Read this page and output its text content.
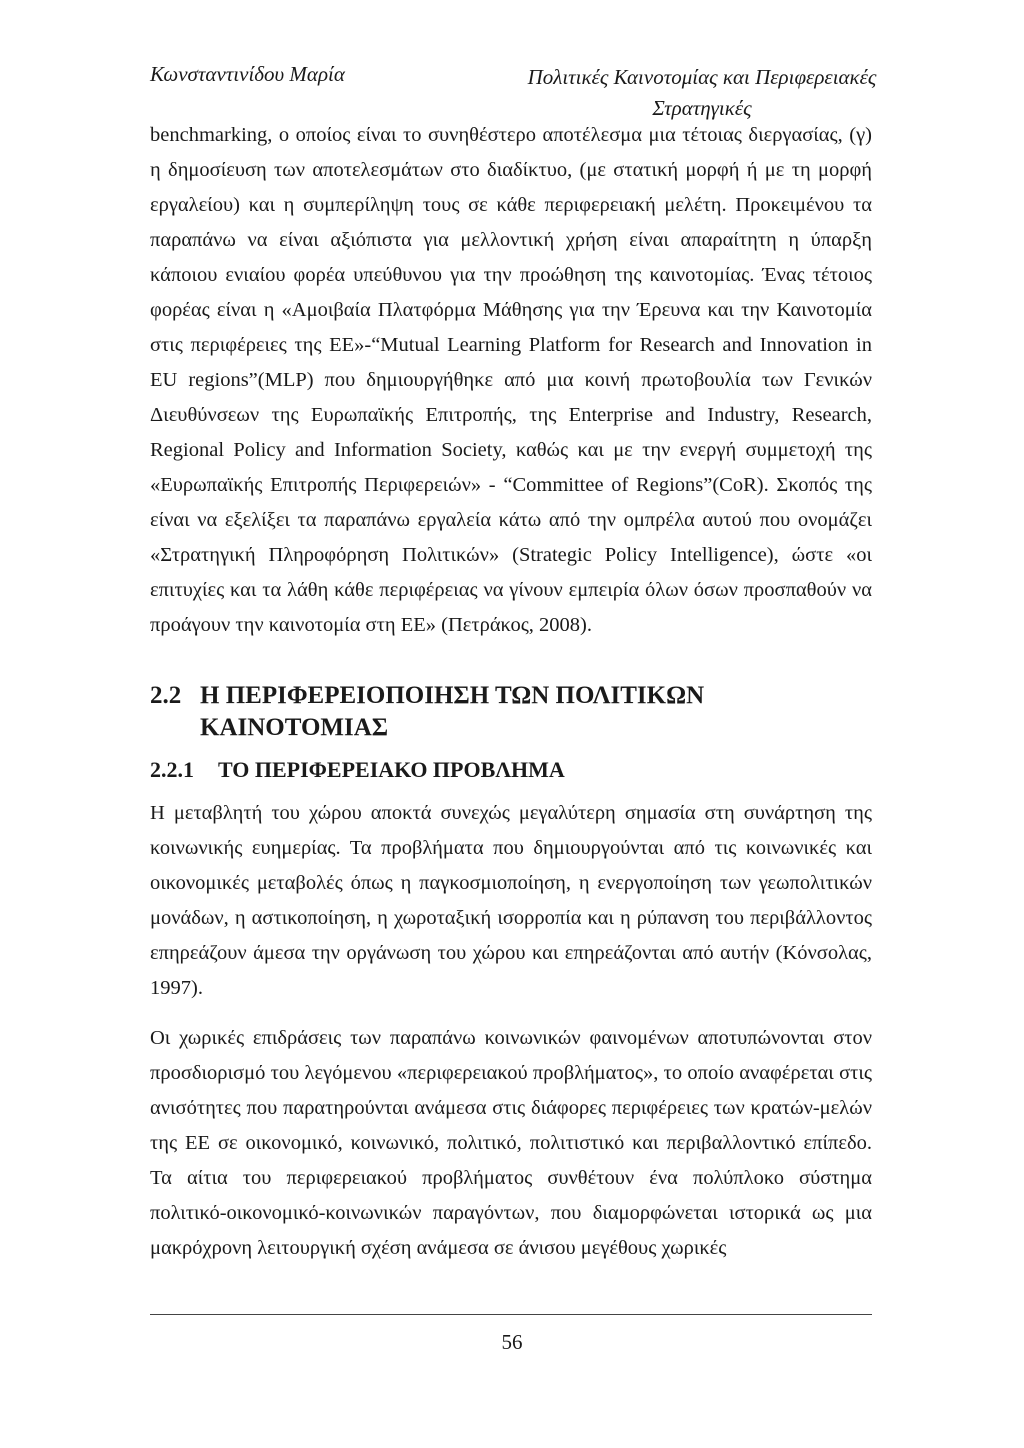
Κωνσταντινίδου Μαρία	Πολιτικές Καινοτομίας και Περιφερειακές Στρατηγικές

benchmarking, ο οποίος είναι το συνηθέστερο αποτέλεσμα μια τέτοιας διεργασίας, (γ) η δημοσίευση των αποτελεσμάτων στο διαδίκτυο, (με στατική μορφή ή με τη μορφή εργαλείου) και η συμπερίληψη τους σε κάθε περιφερειακή μελέτη. Προκειμένου τα παραπάνω να είναι αξιόπιστα για μελλοντική χρήση είναι απαραίτητη η ύπαρξη κάποιου ενιαίου φορέα υπεύθυνου για την προώθηση της καινοτομίας. Ένας τέτοιος φορέας είναι η «Αμοιβαία Πλατφόρμα Μάθησης για την Έρευνα και την Καινοτομία στις περιφέρειες της ΕΕ»-“Mutual Learning Platform for Research and Innovation in EU regions”(MLP) που δημιουργήθηκε από μια κοινή πρωτοβουλία των Γενικών Διευθύνσεων της Ευρωπαϊκής Επιτροπής, της Enterprise and Industry, Research, Regional Policy and Information Society, καθώς και με την ενεργή συμμετοχή της «Ευρωπαϊκής Επιτροπής Περιφερειών» - “Committee of Regions”(CoR). Σκοπός της είναι να εξελίξει τα παραπάνω εργαλεία κάτω από την ομπρέλα αυτού που ονομάζει «Στρατηγική Πληροφόρηση Πολιτικών» (Strategic Policy Intelligence), ώστε «οι επιτυχίες και τα λάθη κάθε περιφέρειας να γίνουν εμπειρία όλων όσων προσπαθούν να προάγουν την καινοτομία στη ΕΕ» (Πετράκος, 2008).

2.2 Η ΠΕΡΙΦΕΡΕΙΟΠΟΙΗΣΗ ΤΩΝ ΠΟΛΙΤΙΚΩΝ
ΚΑΙΝΟΤΟΜΙΑΣ
2.2.1 ΤΟ ΠΕΡΙΦΕΡΕΙΑΚΟ ΠΡΟΒΛΗΜΑ

Η μεταβλητή του χώρου αποκτά συνεχώς μεγαλύτερη σημασία στη συνάρτηση της κοινωνικής ευημερίας. Τα προβλήματα που δημιουργούνται από τις κοινωνικές και οικονομικές μεταβολές όπως η παγκοσμιοποίηση, η ενεργοποίηση των γεωπολιτικών μονάδων, η αστικοποίηση, η χωροταξική ισορροπία και η ρύπανση του περιβάλλοντος επηρεάζουν άμεσα την οργάνωση του χώρου και επηρεάζονται από αυτήν (Κόνσολας, 1997).

Οι χωρικές επιδράσεις των παραπάνω κοινωνικών φαινομένων αποτυπώνονται στον προσδιορισμό του λεγόμενου «περιφερειακού προβλήματος», το οποίο αναφέρεται στις ανισότητες που παρατηρούνται ανάμεσα στις διάφορες περιφέρειες των κρατών-μελών της ΕΕ σε οικονομικό, κοινωνικό, πολιτικό, πολιτιστικό και περιβαλλοντικό επίπεδο. Τα αίτια του περιφερειακού προβλήματος συνθέτουν ένα πολύπλοκο σύστημα πολιτικό-οικονομικό-κοινωνικών παραγόντων, που διαμορφώνεται ιστορικά ως μια μακρόχρονη λειτουργική σχέση ανάμεσα σε άνισου μεγέθους χωρικές

56
